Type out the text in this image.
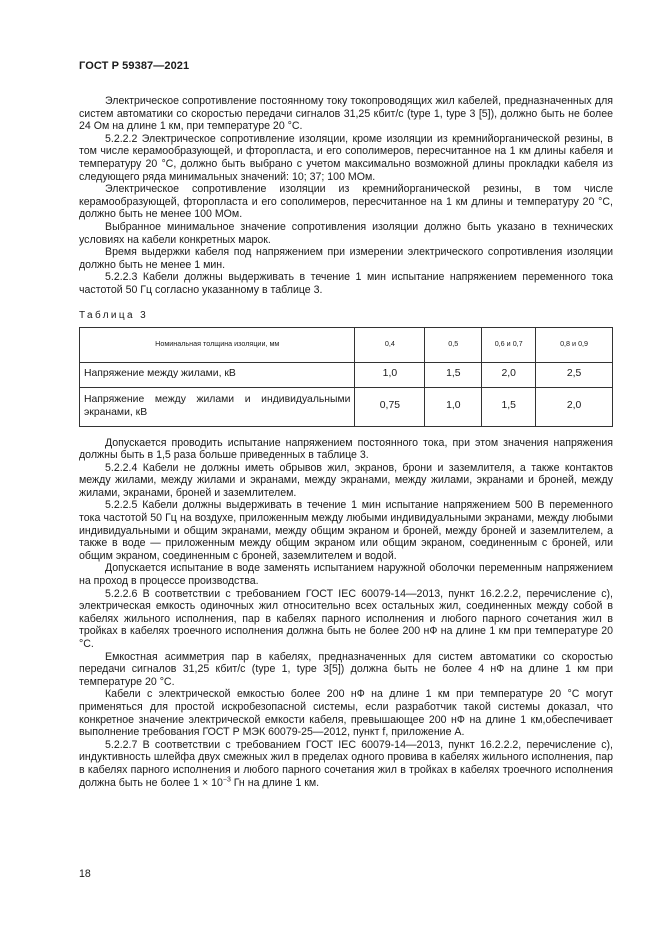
ГОСТ Р 59387—2021

Электрическое сопротивление постоянному току токопроводящих жил кабелей, предназначенных для систем автоматики со скоростью передачи сигналов 31,25 кбит/с (type 1, type 3 [5]), должно быть не более 24 Ом на длине 1 км, при температуре 20 °С.

5.2.2.2 Электрическое сопротивление изоляции, кроме изоляции из кремнийорганической резины, в том числе керамообразующей, и фторопласта, и его сополимеров, пересчитанное на 1 км длины кабеля и температуру 20 °С, должно быть выбрано с учетом максимально возможной длины прокладки кабеля из следующего ряда минимальных значений: 10; 37; 100 МОм.

Электрическое сопротивление изоляции из кремнийорганической резины, в том числе керамообразующей, фторопласта и его сополимеров, пересчитанное на 1 км длины и температуру 20 °С, должно быть не менее 100 МОм.

Выбранное минимальное значение сопротивления изоляции должно быть указано в технических условиях на кабели конкретных марок.

Время выдержки кабеля под напряжением при измерении электрического сопротивления изоляции должно быть не менее 1 мин.

5.2.2.3 Кабели должны выдерживать в течение 1 мин испытание напряжением переменного тока частотой 50 Гц согласно указанному в таблице 3.

Таблица 3
Номинальная толщина изоляции, мм	0,4	0,5	0,6 и 0,7	0,8 и 0,9
Напряжение между жилами, кВ	1,0	1,5	2,0	2,5
Напряжение между жилами и индивидуальными экранами, кВ	0,75	1,0	1,5	2,0

Допускается проводить испытание напряжением постоянного тока, при этом значения напряжения должны быть в 1,5 раза больше приведенных в таблице 3.

5.2.2.4 Кабели не должны иметь обрывов жил, экранов, брони и заземлителя, а также контактов между жилами, между жилами и экранами, между экранами, между жилами, экранами и броней, между жилами, экранами, броней и заземлителем.

5.2.2.5 Кабели должны выдерживать в течение 1 мин испытание напряжением 500 В переменного тока частотой 50 Гц на воздухе, приложенным между любыми индивидуальными экранами, между любыми индивидуальными и общим экранами, между общим экраном и броней, между броней и заземлителем, а также в воде — приложенным между общим экраном или общим экраном, соединенным с броней, или общим экраном, соединенным с броней, заземлителем и водой.

Допускается испытание в воде заменять испытанием наружной оболочки переменным напряжением на проход в процессе производства.

5.2.2.6 В соответствии с требованием ГОСТ IEC 60079-14—2013, пункт 16.2.2.2, перечисление с), электрическая емкость одиночных жил относительно всех остальных жил, соединенных между собой в кабелях жильного исполнения, пар в кабелях парного исполнения и любого парного сочетания жил в тройках в кабелях троечного исполнения должна быть не более 200 нФ на длине 1 км при температуре 20 °С.

Емкостная асимметрия пар в кабелях, предназначенных для систем автоматики со скоростью передачи сигналов 31,25 кбит/с (type 1, type 3[5]) должна быть не более 4 нФ на длине 1 км при температуре 20 °С.

Кабели с электрической емкостью более 200 нФ на длине 1 км при температуре 20 °С могут применяться для простой искробезопасной системы, если разработчик такой системы доказал, что конкретное значение электрической емкости кабеля, превышающее 200 нФ на длине 1 км,обеспечивает выполнение требования ГОСТ Р МЭК 60079-25—2012, пункт f, приложение А.

5.2.2.7 В соответствии с требованием ГОСТ IEC 60079-14—2013, пункт 16.2.2.2, перечисление с), индуктивность шлейфа двух смежных жил в пределах одного провива в кабелях жильного исполнения, пар в кабелях парного исполнения и любого парного сочетания жил в тройках в кабелях троечного исполнения должна быть не более $1 \times 10^{-3}$ Гн на длине 1 км.

18
